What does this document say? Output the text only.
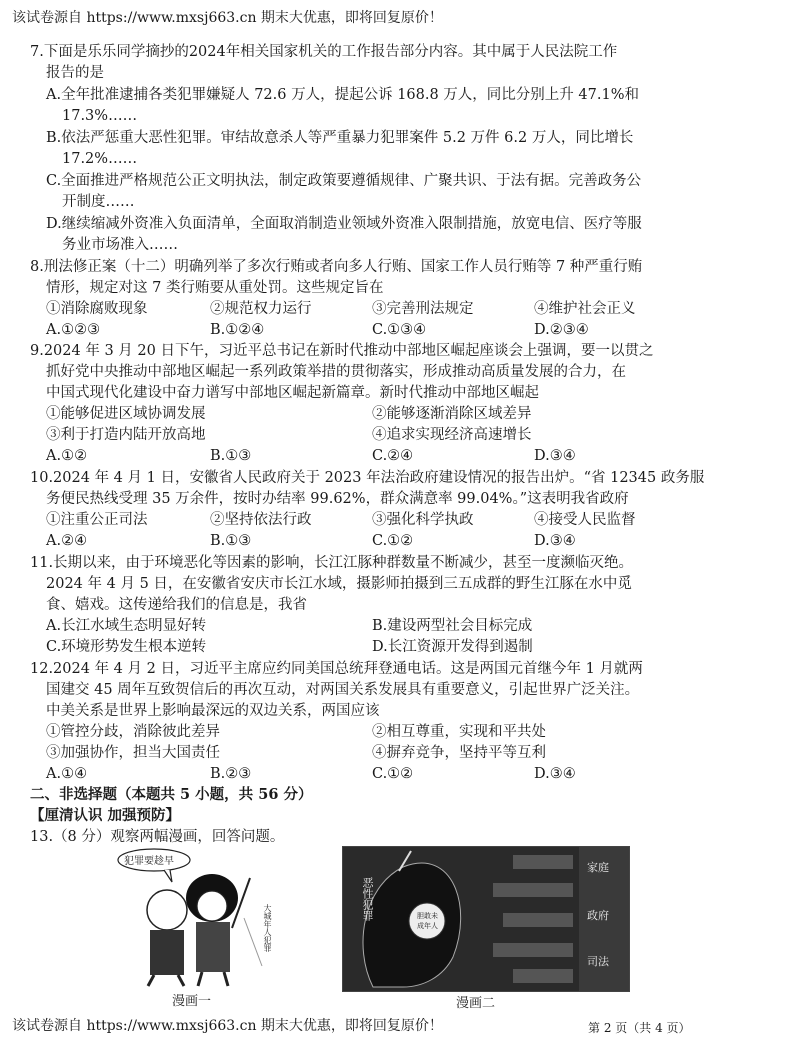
该试卷源自 https://www.mxsj663.cn 期末大优惠，即将回复原价！
7.下面是乐乐同学摘抄的2024年相关国家机关的工作报告部分内容。其中属于人民法院工作
报告的是
A.全年批准逮捕各类犯罪嫌疑人 72.6 万人，提起公诉 168.8 万人，同比分别上升 47.1%和
17.3%……
B.依法严惩重大恶性犯罪。审结故意杀人等严重暴力犯罪案件 5.2 万件 6.2 万人，同比增长
17.2%……
C.全面推进严格规范公正文明执法，制定政策要遵循规律、广聚共识、于法有据。完善政务公
开制度……
D.继续缩减外资准入负面清单，全面取消制造业领域外资准入限制措施，放宽电信、医疗等服
务业市场准入……
8.刑法修正案（十二）明确列举了多次行贿或者向多人行贿、国家工作人员行贿等 7 种严重行贿
情形，规定对这 7 类行贿要从重处罚。这些规定旨在
①消除腐败现象	②规范权力运行	③完善刑法规定	④维护社会正义
A.①②③	B.①②④	C.①③④	D.②③④
9.2024 年 3 月 20 日下午，习近平总书记在新时代推动中部地区崛起座谈会上强调，要一以贯之
抓好党中央推动中部地区崛起一系列政策举措的贯彻落实，形成推动高质量发展的合力，在
中国式现代化建设中奋力谱写中部地区崛起新篇章。新时代推动中部地区崛起
①能够促进区域协调发展	②能够逐渐消除区域差异
③利于打造内陆开放高地	④追求实现经济高速增长
A.①②	B.①③	C.②④	D.③④
10.2024 年 4 月 1 日，安徽省人民政府关于 2023 年法治政府建设情况的报告出炉。“省 12345 政务服
务便民热线受理 35 万余件，按时办结率 99.62%，群众满意率 99.04%。”这表明我省政府
①注重公正司法	②坚持依法行政	③强化科学执政	④接受人民监督
A.②④	B.①③	C.①②	D.③④
11.长期以来，由于环境恶化等因素的影响，长江江豚种群数量不断减少，甚至一度濒临灭绝。
2024 年 4 月 5 日，在安徽省安庆市长江水域，摄影师拍摄到三五成群的野生江豚在水中觅
食、嬉戏。这传递给我们的信息是，我省
A.长江水域生态明显好转	B.建设两型社会目标完成
C.环境形势发生根本逆转	D.长江资源开发得到遏制
12.2024 年 4 月 2 日，习近平主席应约同美国总统拜登通电话。这是两国元首继今年 1 月就两
国建交 45 周年互致贺信后的再次互动，对两国关系发展具有重要意义，引起世界广泛关注。
中美关系是世界上影响最深远的双边关系，两国应该
①管控分歧，消除彼此差异	②相互尊重，实现和平共处
③加强协作，担当大国责任	④摒弃竞争，坚持平等互利
A.①④	B.②③	C.①②	D.③④
二、非选择题（本题共 5 小题，共 56 分）
【厘清认识 加强预防】
13.（8 分）观察两幅漫画，回答问题。
犯罪要趁早
大城年人犯罪
漫画一
恶性犯罪	胆敢未成年人
家庭
政府
司法
漫画二
该试卷源自 https://www.mxsj663.cn 期末大优惠，即将回复原价！	第 2 页（共 4 页）
